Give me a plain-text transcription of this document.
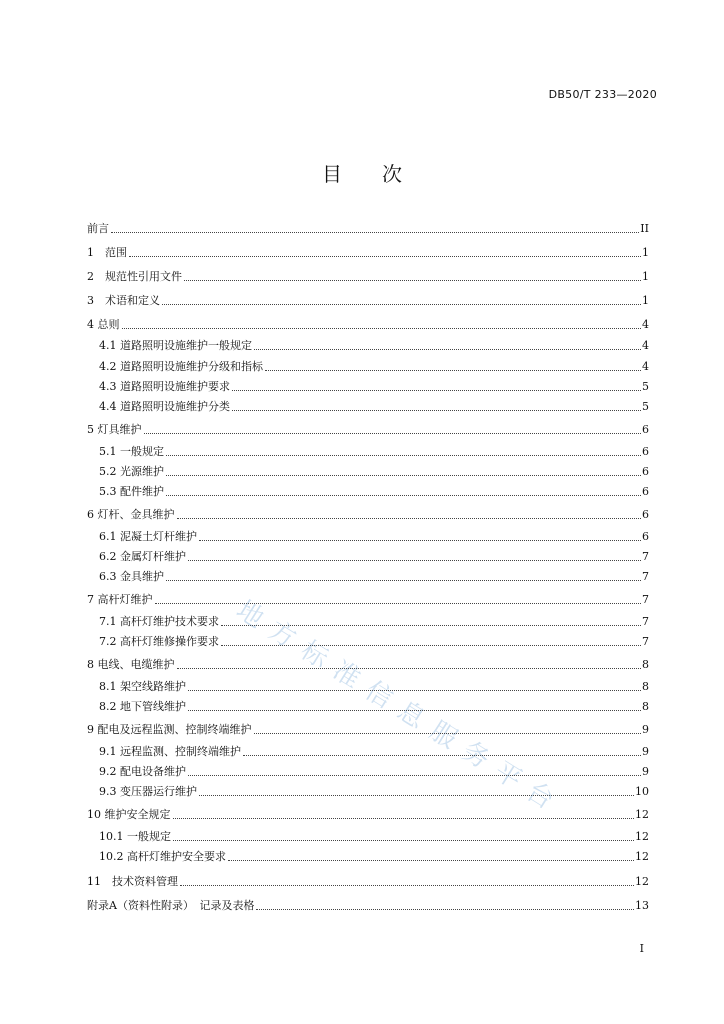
DB50/T 233—2020
目 次
地方标准信息服务平台
前言	II
1　范围	1
2　规范性引用文件	1
3　术语和定义	1
4 总则	4
4.1 道路照明设施维护一般规定	4
4.2 道路照明设施维护分级和指标	4
4.3 道路照明设施维护要求	5
4.4 道路照明设施维护分类	5
5 灯具维护	6
5.1 一般规定	6
5.2 光源维护	6
5.3 配件维护	6
6 灯杆、金具维护	6
6.1 泥凝土灯杆维护	6
6.2 金属灯杆维护	7
6.3 金具维护	7
7 高杆灯维护	7
7.1 高杆灯维护技术要求	7
7.2 高杆灯维修操作要求	7
8 电线、电缆维护	8
8.1 架空线路维护	8
8.2 地下管线维护	8
9 配电及远程监测、控制终端维护	9
9.1 远程监测、控制终端维护	9
9.2 配电设备维护	9
9.3 变压器运行维护	10
10 维护安全规定	12
10.1 一般规定	12
10.2 高杆灯维护安全要求	12
11　技术资料管理	12
附录A（资料性附录）　记录及表格	13
I
